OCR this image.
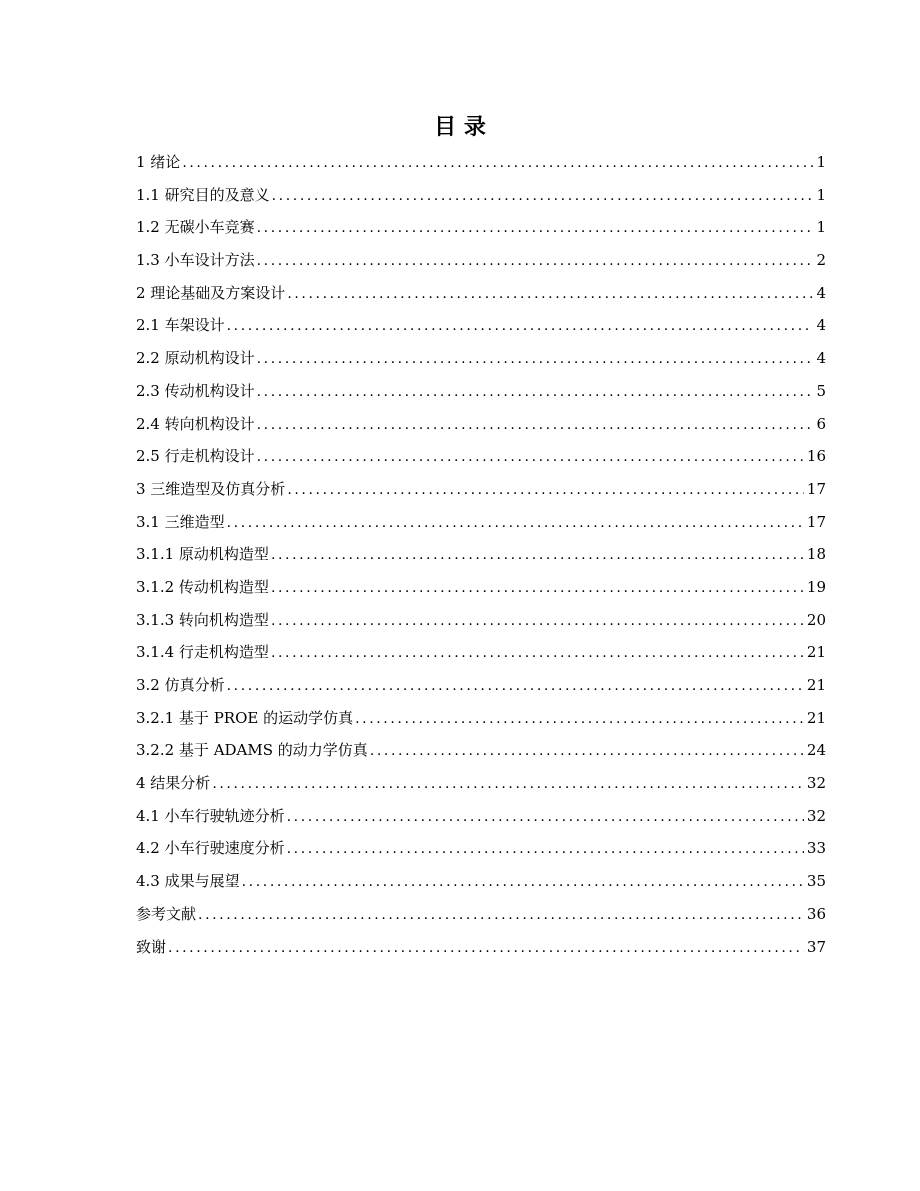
目 录
1 绪论 .....	1
1.1 研究目的及意义 .....	1
1.2 无碳小车竞赛 .....	1
1.3 小车设计方法 .....	2
2 理论基础及方案设计 .....	4
2.1 车架设计 .....	4
2.2 原动机构设计 .....	4
2.3 传动机构设计 .....	5
2.4 转向机构设计 .....	6
2.5 行走机构设计 .....	16
3 三维造型及仿真分析 .....	17
3.1 三维造型 .....	17
3.1.1 原动机构造型 .....	18
3.1.2 传动机构造型 .....	19
3.1.3 转向机构造型 .....	20
3.1.4 行走机构造型 .....	21
3.2 仿真分析 .....	21
3.2.1 基于 PROE 的运动学仿真 .....	21
3.2.2 基于 ADAMS 的动力学仿真 .....	24
4 结果分析 .....	32
4.1 小车行驶轨迹分析 .....	32
4.2 小车行驶速度分析 .....	33
4.3 成果与展望 .....	35
参考文献 .....	36
致谢 .....	37
